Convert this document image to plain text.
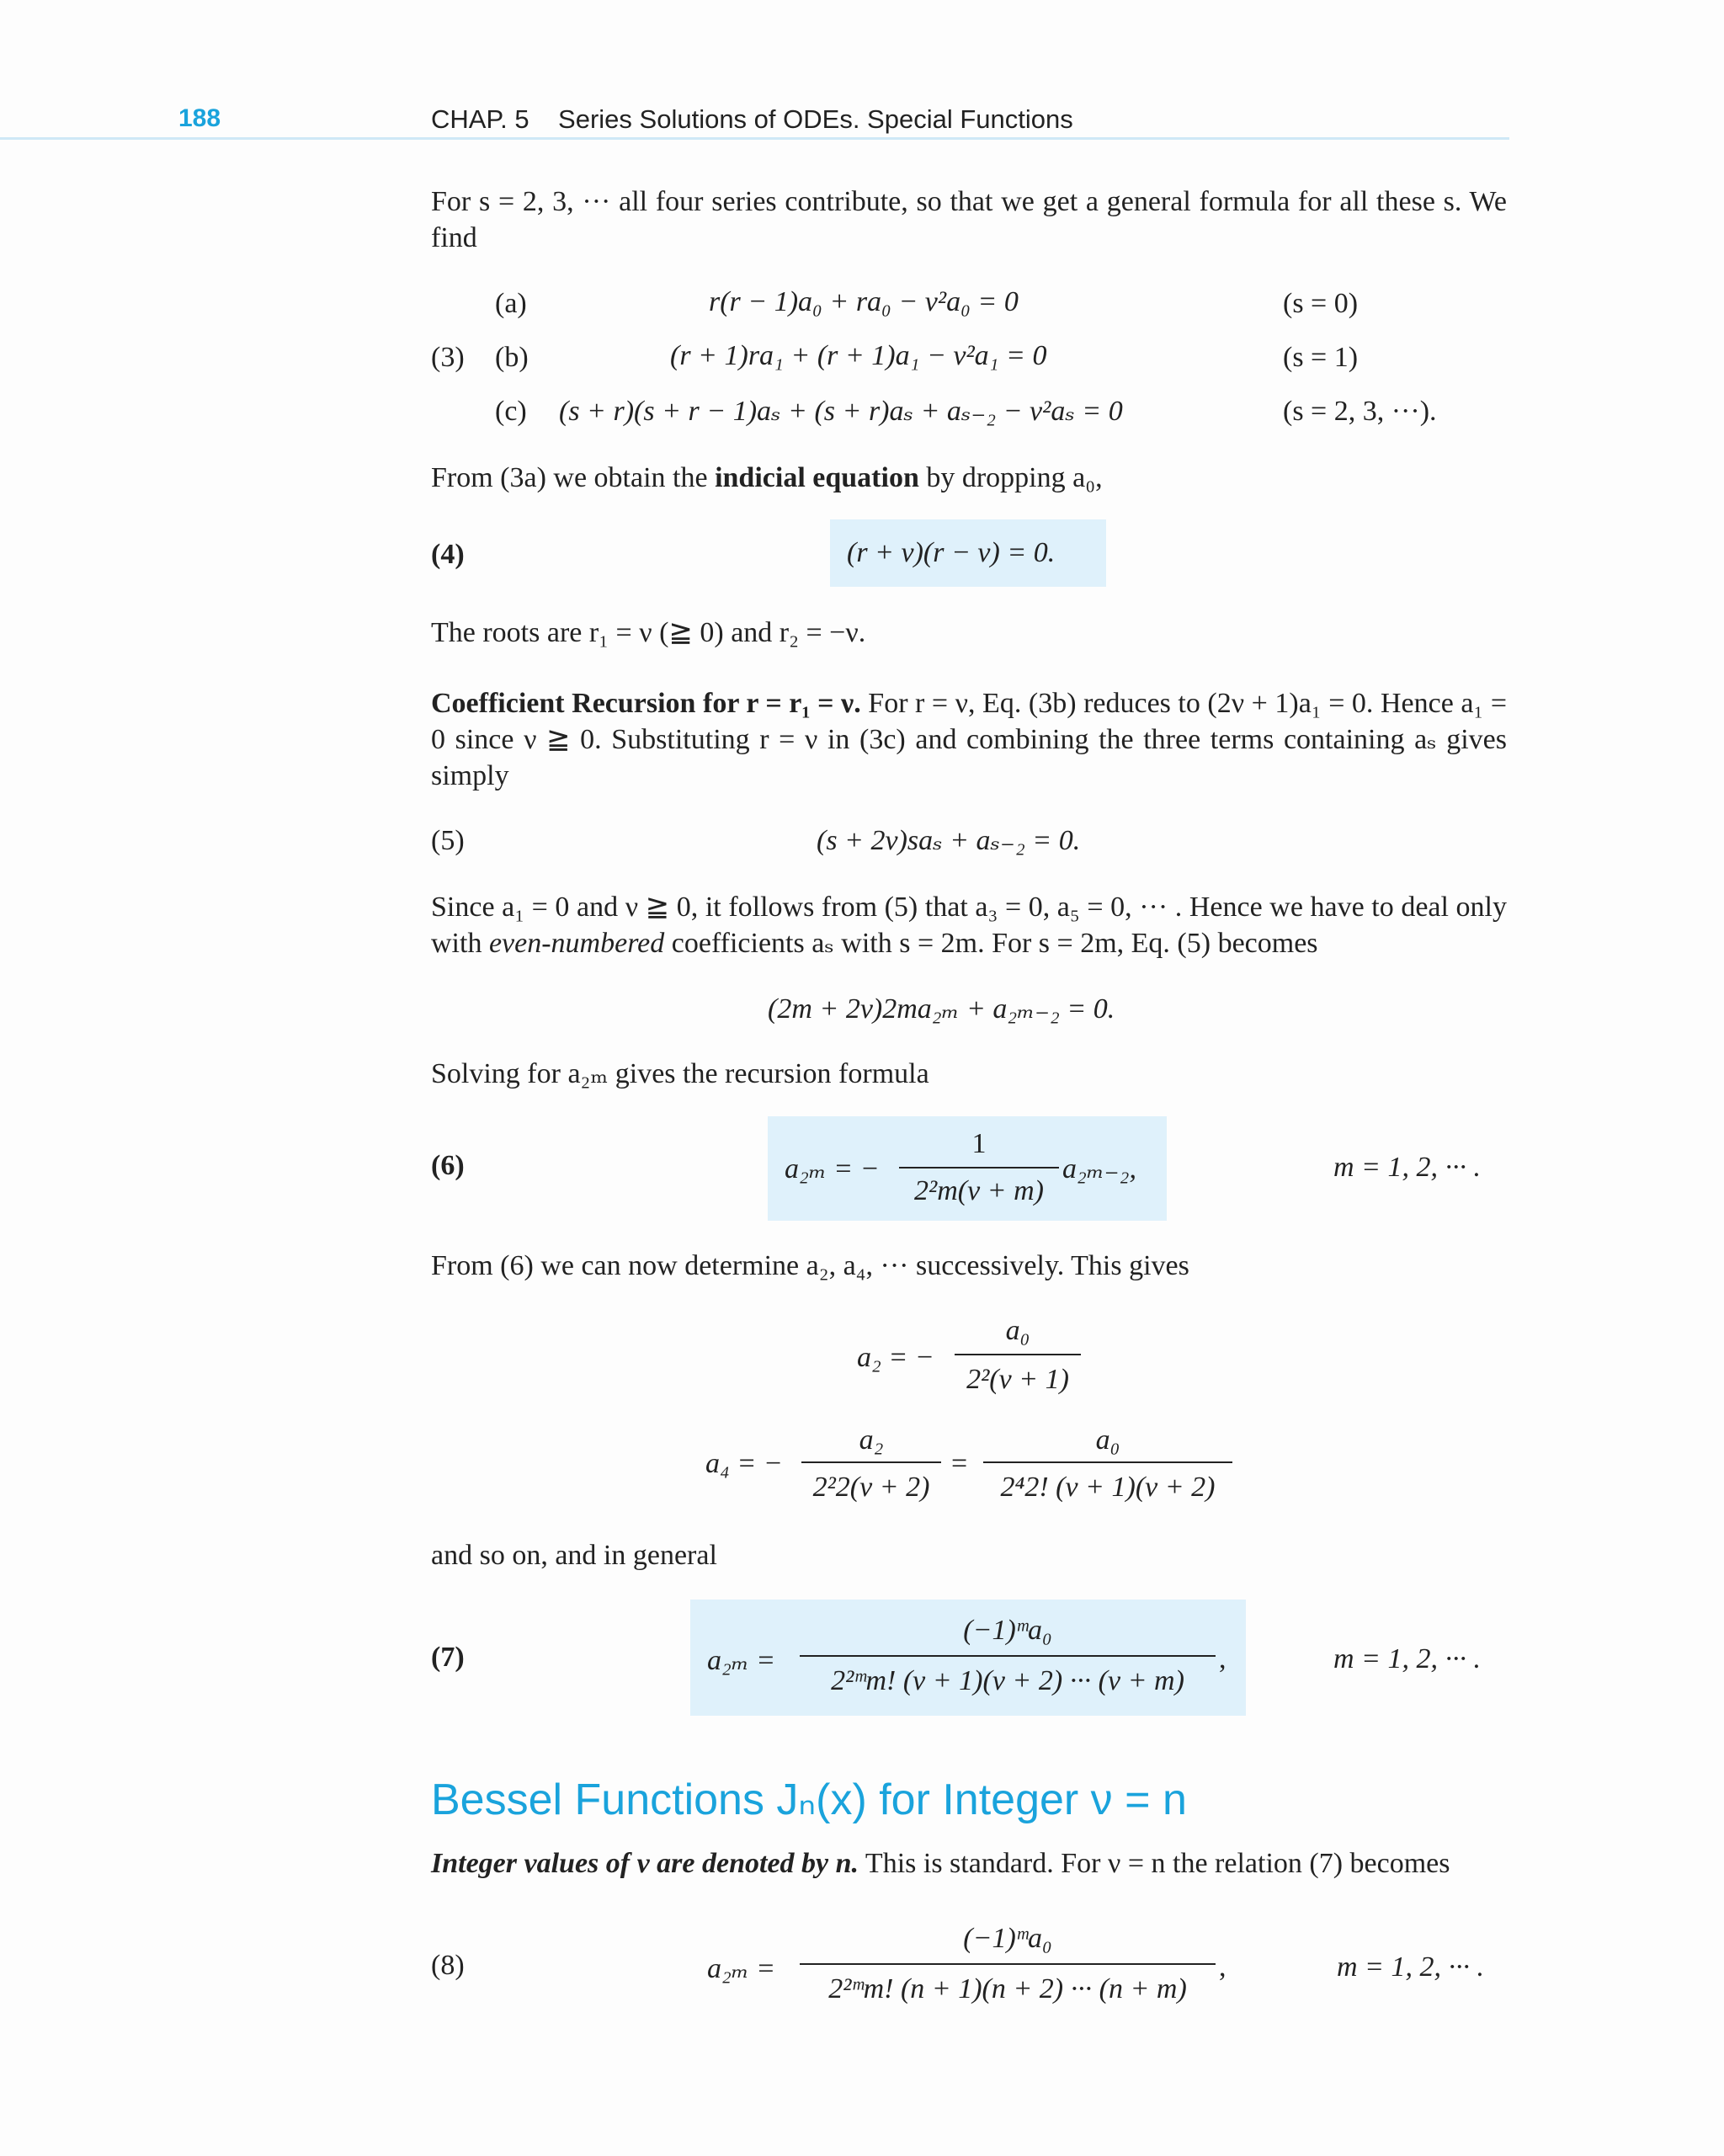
188	CHAP. 5    Series Solutions of ODEs. Special Functions
For s = 2, 3, ··· all four series contribute, so that we get a general formula for all these s. We find
(3)
(a)	r(r − 1)a₀ + ra₀ − ν²a₀ = 0	(s = 0)
(b)	(r + 1)ra₁ + (r + 1)a₁ − ν²a₁ = 0	(s = 1)
(c) (s + r)(s + r − 1)aₛ + (s + r)aₛ + aₛ₋₂ − ν²aₛ = 0	(s = 2, 3, ···).
From (3a) we obtain the indicial equation by dropping a₀,
(4)	(r + ν)(r − ν) = 0.
The roots are r₁ = ν (≧ 0) and r₂ = −ν.
Coefficient Recursion for r = r₁ = ν. For r = ν, Eq. (3b) reduces to (2ν + 1)a₁ = 0. Hence a₁ = 0 since ν ≧ 0. Substituting r = ν in (3c) and combining the three terms containing aₛ gives simply
(5)	(s + 2ν)saₛ + aₛ₋₂ = 0.
Since a₁ = 0 and ν ≧ 0, it follows from (5) that a₃ = 0, a₅ = 0, ··· . Hence we have to deal only with even-numbered coefficients aₛ with s = 2m. For s = 2m, Eq. (5) becomes
(2m + 2ν)2ma₂ₘ + a₂ₘ₋₂ = 0.
Solving for a₂ₘ gives the recursion formula
(6)	a₂ₘ = −
1
2²m(ν + m)
a₂ₘ₋₂,	m = 1, 2, ··· .
From (6) we can now determine a₂, a₄, ··· successively. This gives
a₂ = −
a₀
2²(ν + 1)
a₄ = −
a₂
2²2(ν + 2)
=
a₀
2⁴2! (ν + 1)(ν + 2)
and so on, and in general
(7)	a₂ₘ =
(−1)ᵐa₀
2²ᵐm! (ν + 1)(ν + 2) ··· (ν + m)
,	m = 1, 2, ··· .
Bessel Functions Jₙ(x) for Integer ν = n
Integer values of ν are denoted by n. This is standard. For ν = n the relation (7) becomes
(8)	a₂ₘ =
(−1)ᵐa₀
2²ᵐm! (n + 1)(n + 2) ··· (n + m)
,	m = 1, 2, ··· .
